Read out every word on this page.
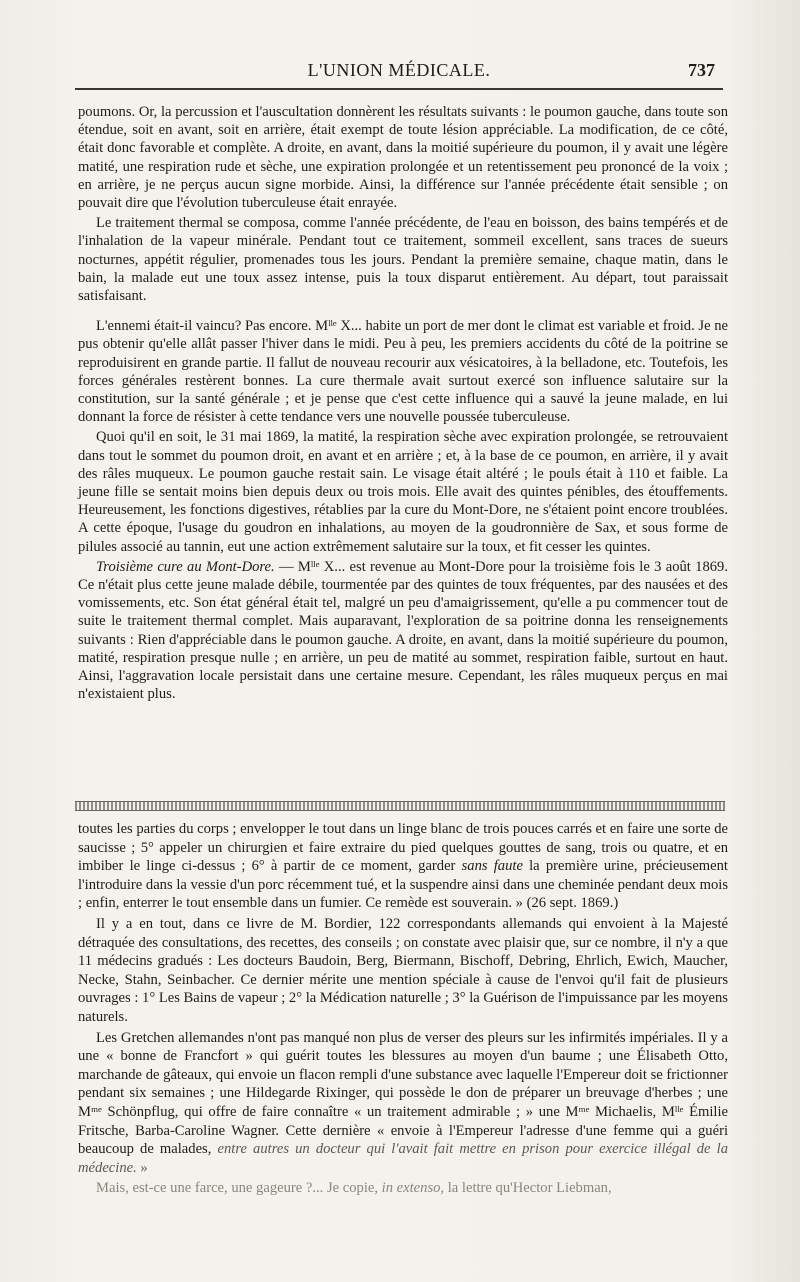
L'UNION MÉDICALE.	737

poumons. Or, la percussion et l'auscultation donnèrent les résultats suivants : le poumon gauche, dans toute son étendue, soit en avant, soit en arrière, était exempt de toute lésion appréciable. La modification, de ce côté, était donc favorable et complète. A droite, en avant, dans la moitié supérieure du poumon, il y avait une légère matité, une respiration rude et sèche, une expiration prolongée et un retentissement peu prononcé de la voix ; en arrière, je ne perçus aucun signe morbide. Ainsi, la différence sur l'année précédente était sensible ; on pouvait dire que l'évolution tuberculeuse était enrayée.

Le traitement thermal se composa, comme l'année précédente, de l'eau en boisson, des bains tempérés et de l'inhalation de la vapeur minérale. Pendant tout ce traitement, sommeil excellent, sans traces de sueurs nocturnes, appétit régulier, promenades tous les jours. Pendant la première semaine, chaque matin, dans le bain, la malade eut une toux assez intense, puis la toux disparut entièrement. Au départ, tout paraissait satisfaisant.

L'ennemi était-il vaincu? Pas encore. Mˡˡᵉ X... habite un port de mer dont le climat est variable et froid. Je ne pus obtenir qu'elle allât passer l'hiver dans le midi. Peu à peu, les premiers accidents du côté de la poitrine se reproduisirent en grande partie. Il fallut de nouveau recourir aux vésicatoires, à la belladone, etc. Toutefois, les forces générales restèrent bonnes. La cure thermale avait surtout exercé son influence salutaire sur la constitution, sur la santé générale ; et je pense que c'est cette influence qui a sauvé la jeune malade, en lui donnant la force de résister à cette tendance vers une nouvelle poussée tuberculeuse.

Quoi qu'il en soit, le 31 mai 1869, la matité, la respiration sèche avec expiration prolongée, se retrouvaient dans tout le sommet du poumon droit, en avant et en arrière ; et, à la base de ce poumon, en arrière, il y avait des râles muqueux. Le poumon gauche restait sain. Le visage était altéré ; le pouls était à 110 et faible. La jeune fille se sentait moins bien depuis deux ou trois mois. Elle avait des quintes pénibles, des étouffements. Heureusement, les fonctions digestives, rétablies par la cure du Mont-Dore, ne s'étaient point encore troublées. A cette époque, l'usage du goudron en inhalations, au moyen de la goudronnière de Sax, et sous forme de pilules associé au tannin, eut une action extrêmement salutaire sur la toux, et fit cesser les quintes.

Troisième cure au Mont-Dore. — Mˡˡᵉ X... est revenue au Mont-Dore pour la troisième fois le 3 août 1869. Ce n'était plus cette jeune malade débile, tourmentée par des quintes de toux fréquentes, par des nausées et des vomissements, etc. Son état général était tel, malgré un peu d'amaigrissement, qu'elle a pu commencer tout de suite le traitement thermal complet. Mais auparavant, l'exploration de sa poitrine donna les renseignements suivants : Rien d'appréciable dans le poumon gauche. A droite, en avant, dans la moitié supérieure du poumon, matité, respiration presque nulle ; en arrière, un peu de matité au sommet, respiration faible, surtout en haut. Ainsi, l'aggravation locale persistait dans une certaine mesure. Cependant, les râles muqueux perçus en mai n'existaient plus.

toutes les parties du corps ; envelopper le tout dans un linge blanc de trois pouces carrés et en faire une sorte de saucisse ; 5° appeler un chirurgien et faire extraire du pied quelques gouttes de sang, trois ou quatre, et en imbiber le linge ci-dessus ; 6° à partir de ce moment, garder sans faute la première urine, précieusement l'introduire dans la vessie d'un porc récemment tué, et la suspendre ainsi dans une cheminée pendant deux mois ; enfin, enterrer le tout ensemble dans un fumier. Ce remède est souverain. » (26 sept. 1869.)

Il y a en tout, dans ce livre de M. Bordier, 122 correspondants allemands qui envoient à la Majesté détraquée des consultations, des recettes, des conseils ; on constate avec plaisir que, sur ce nombre, il n'y a que 11 médecins gradués : Les docteurs Baudoin, Berg, Biermann, Bischoff, Debring, Ehrlich, Ewich, Maucher, Necke, Stahn, Seinbacher. Ce dernier mérite une mention spéciale à cause de l'envoi qu'il fait de plusieurs ouvrages : 1° Les Bains de vapeur ; 2° la Médication naturelle ; 3° la Guérison de l'impuissance par les moyens naturels.

Les Gretchen allemandes n'ont pas manqué non plus de verser des pleurs sur les infirmités impériales. Il y a une « bonne de Francfort » qui guérit toutes les blessures au moyen d'un baume ; une Élisabeth Otto, marchande de gâteaux, qui envoie un flacon rempli d'une substance avec laquelle l'Empereur doit se frictionner pendant six semaines ; une Hildegarde Rixinger, qui possède le don de préparer un breuvage d'herbes ; une Mᵐᵉ Schönpflug, qui offre de faire connaître « un traitement admirable ; » une Mᵐᵉ Michaelis, Mˡˡᵉ Émilie Fritsche, Barba-Caroline Wagner. Cette dernière « envoie à l'Empereur l'adresse d'une femme qui a guéri beaucoup de malades, entre autres un docteur qui l'avait fait mettre en prison pour exercice illégal de la médecine. »

Mais, est-ce une farce, une gageure ?... Je copie, in extenso, la lettre qu'Hector Liebman,
